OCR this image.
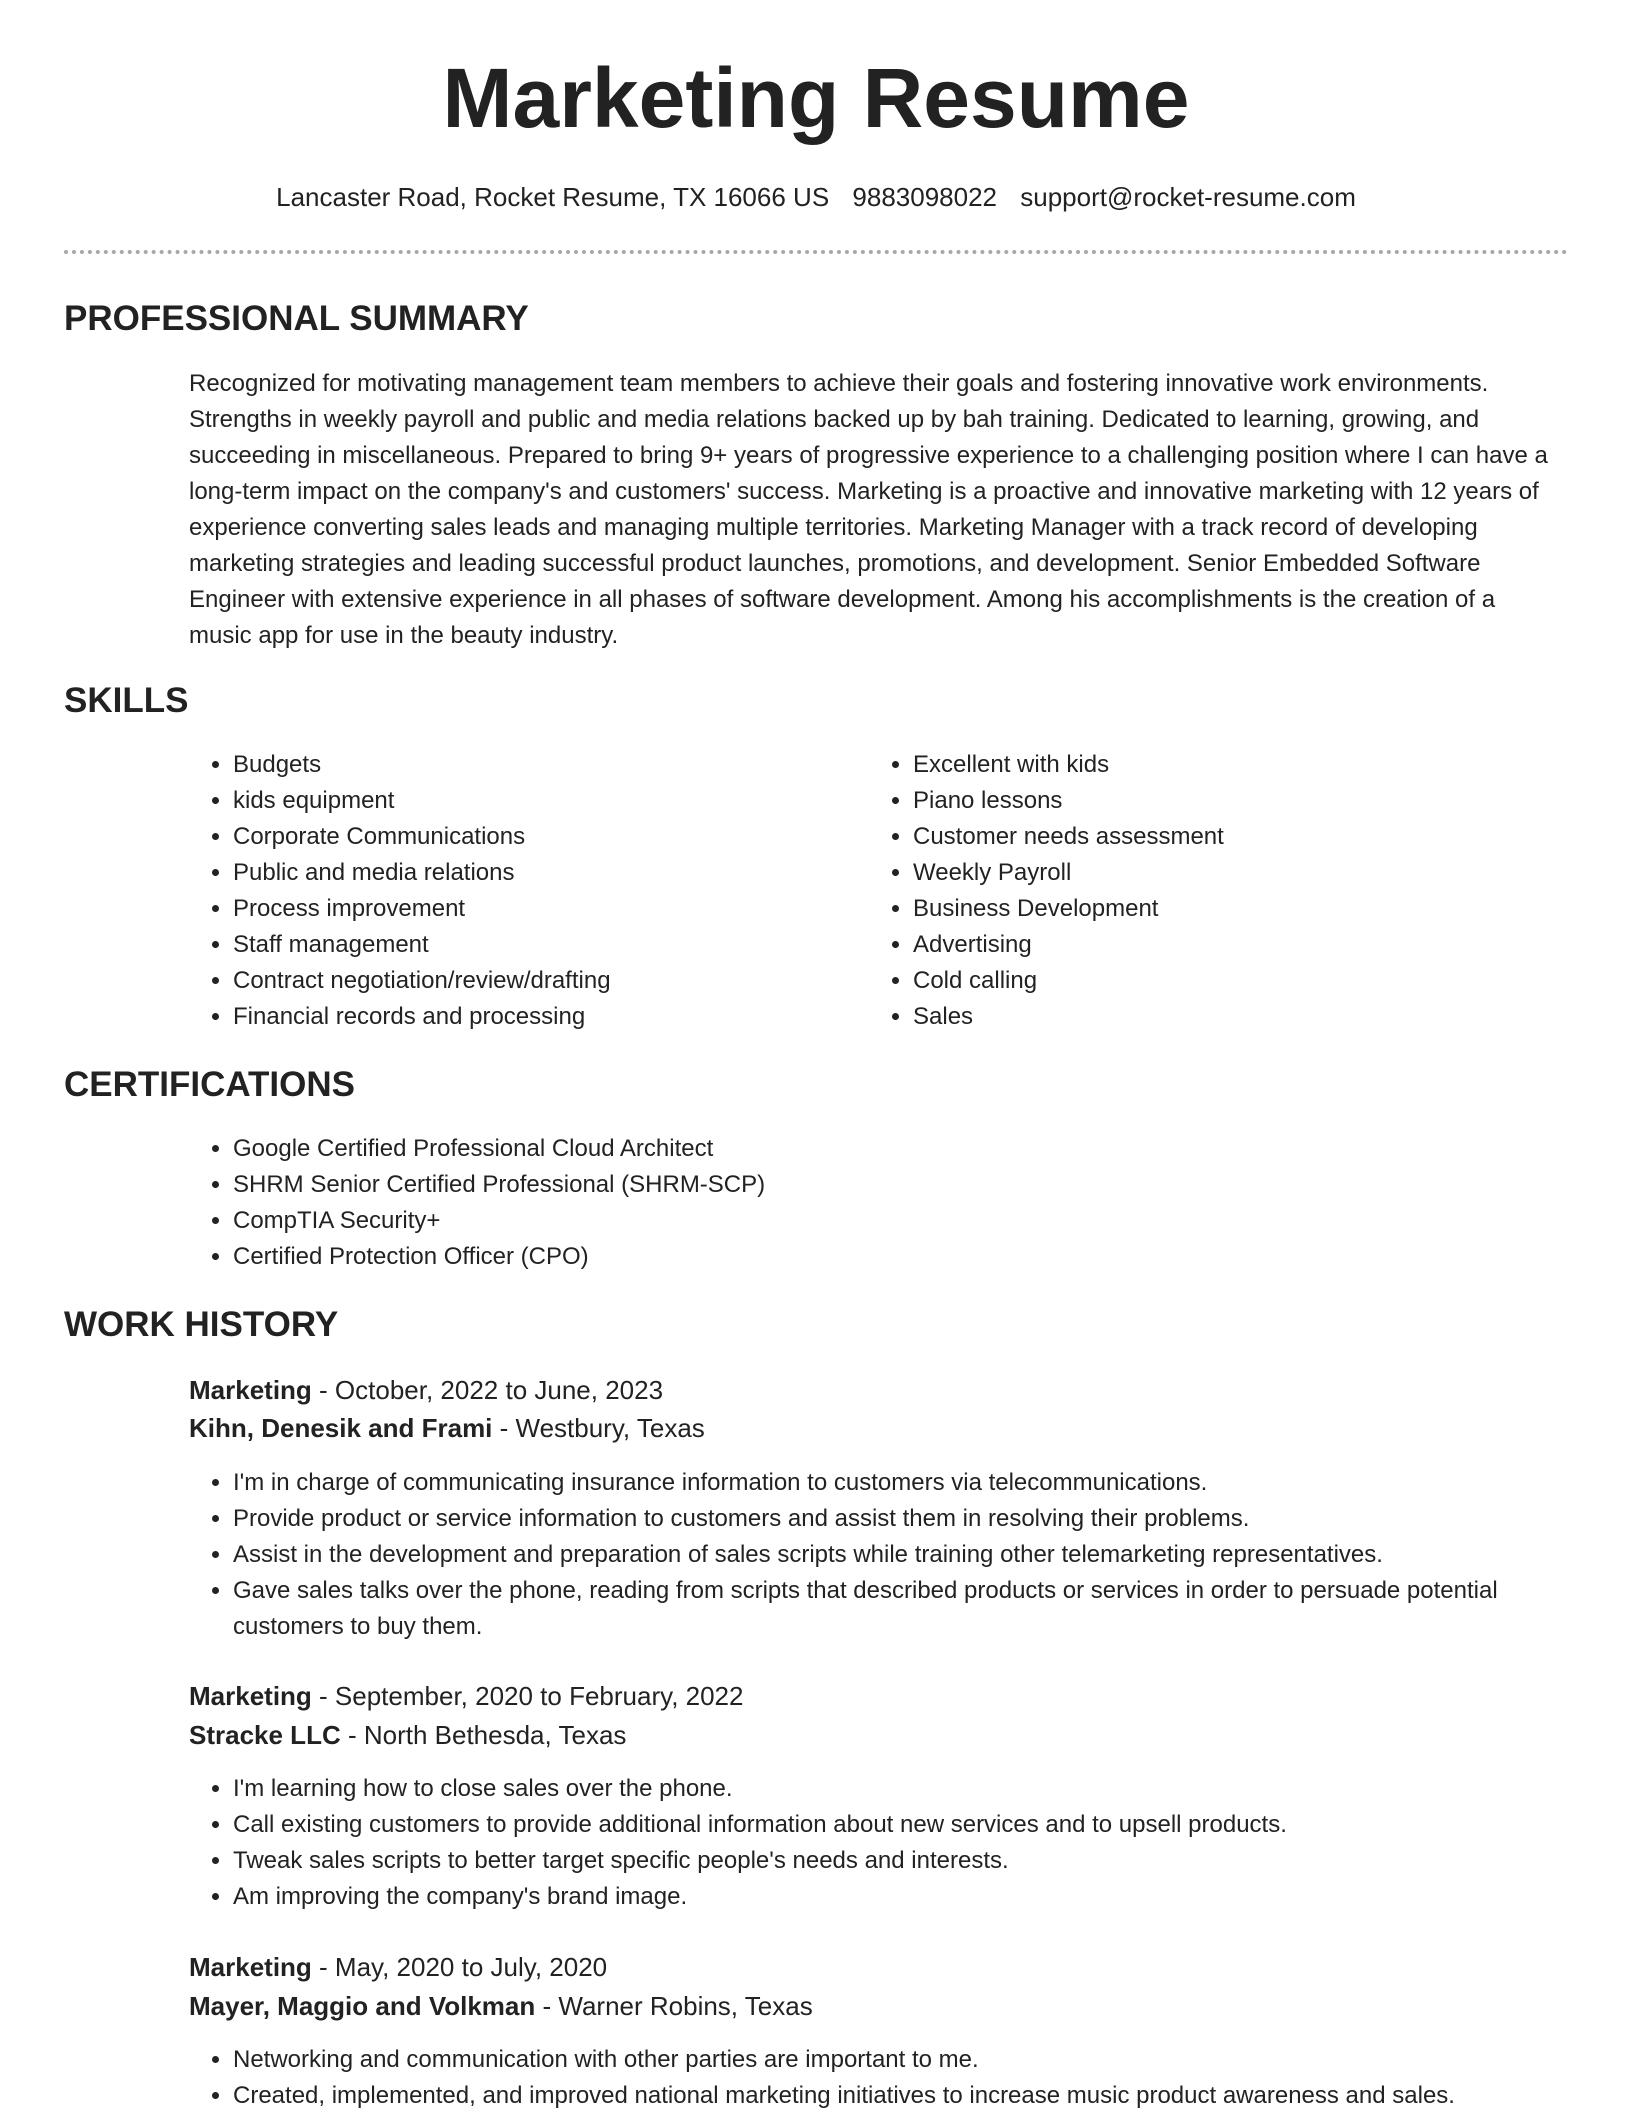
Marketing Resume
Lancaster Road, Rocket Resume, TX 16066 US 9883098022 support@rocket-resume.com
PROFESSIONAL SUMMARY

Recognized for motivating management team members to achieve their goals and fostering innovative work environments. Strengths in weekly payroll and public and media relations backed up by bah training. Dedicated to learning, growing, and succeeding in miscellaneous. Prepared to bring 9+ years of progressive experience to a challenging position where I can have a long-term impact on the company's and customers' success. Marketing is a proactive and innovative marketing with 12 years of experience converting sales leads and managing multiple territories. Marketing Manager with a track record of developing marketing strategies and leading successful product launches, promotions, and development. Senior Embedded Software Engineer with extensive experience in all phases of software development. Among his accomplishments is the creation of a music app for use in the beauty industry.

SKILLS
• Budgets
• kids equipment
• Corporate Communications
• Public and media relations
• Process improvement
• Staff management
• Contract negotiation/review/drafting
• Financial records and processing
• Excellent with kids
• Piano lessons
• Customer needs assessment
• Weekly Payroll
• Business Development
• Advertising
• Cold calling
• Sales
CERTIFICATIONS
• Google Certified Professional Cloud Architect
• SHRM Senior Certified Professional (SHRM-SCP)
• CompTIA Security+
• Certified Protection Officer (CPO)
WORK HISTORY
Marketing - October, 2022 to June, 2023
Kihn, Denesik and Frami - Westbury, Texas
• I'm in charge of communicating insurance information to customers via telecommunications.
• Provide product or service information to customers and assist them in resolving their problems.
• Assist in the development and preparation of sales scripts while training other telemarketing representatives.
• Gave sales talks over the phone, reading from scripts that described products or services in order to persuade potential customers to buy them.
Marketing - September, 2020 to February, 2022
Stracke LLC - North Bethesda, Texas
• I'm learning how to close sales over the phone.
• Call existing customers to provide additional information about new services and to upsell products.
• Tweak sales scripts to better target specific people's needs and interests.
• Am improving the company's brand image.
Marketing - May, 2020 to July, 2020
Mayer, Maggio and Volkman - Warner Robins, Texas
• Networking and communication with other parties are important to me.
• Created, implemented, and improved national marketing initiatives to increase music product awareness and sales.
